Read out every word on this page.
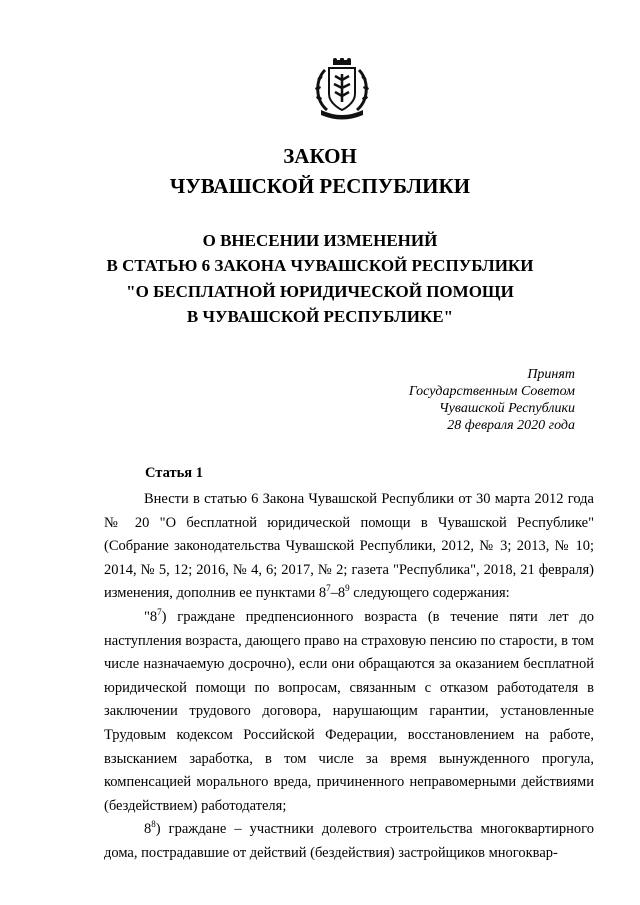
ЗАКОН
ЧУВАШСКОЙ РЕСПУБЛИКИ
О ВНЕСЕНИИ ИЗМЕНЕНИЙ
В СТАТЬЮ 6 ЗАКОНА ЧУВАШСКОЙ РЕСПУБЛИКИ
"О БЕСПЛАТНОЙ ЮРИДИЧЕСКОЙ ПОМОЩИ
В ЧУВАШСКОЙ РЕСПУБЛИКЕ"
Принят
Государственным Советом
Чувашской Республики
28 февраля 2020 года
Статья 1

Внести в статью 6 Закона Чувашской Республики от 30 марта 2012 года № 20 "О бесплатной юридической помощи в Чувашской Республике" (Собрание законодательства Чувашской Республики, 2012, № 3; 2013, № 10; 2014, № 5, 12; 2016, № 4, 6; 2017, № 2; газета "Республика", 2018, 21 февраля) изменения, дополнив ее пунктами $8^7-8^9$ следующего содержания:

"$8^7$) граждане предпенсионного возраста (в течение пяти лет до наступления возраста, дающего право на страховую пенсию по старости, в том числе назначаемую досрочно), если они обращаются за оказанием бесплатной юридической помощи по вопросам, связанным с отказом работодателя в заключении трудового договора, нарушающим гарантии, установленные Трудовым кодексом Российской Федерации, восстановлением на работе, взысканием заработка, в том числе за время вынужденного прогула, компенсацией морального вреда, причиненного неправомерными действиями (бездействием) работодателя;

$8^8$) граждане – участники долевого строительства многоквартирного дома, пострадавшие от действий (бездействия) застройщиков многоквар-
